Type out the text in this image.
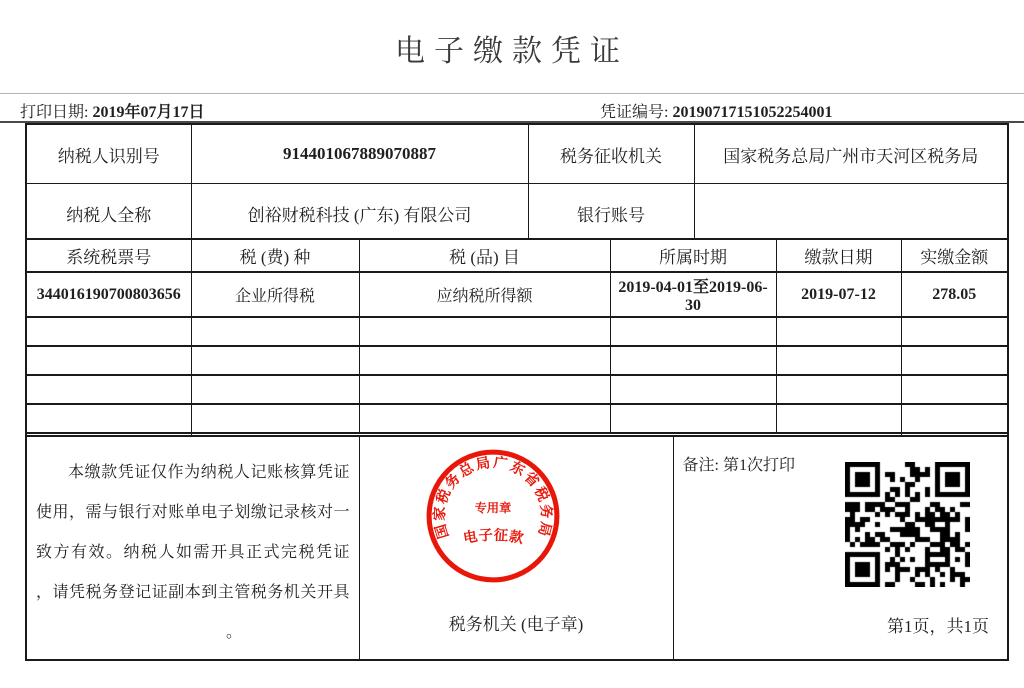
电子缴款凭证
打印日期: 2019年07月17日	凭证编号: 20190717151052254001
纳税人识别号	914401067889070887	税务征收机关	国家税务总局广州市天河区税务局
纳税人全称	创裕财税科技 (广东) 有限公司	银行账号	
系统税票号	税 (费) 种	税 (品) 目	所属时期	缴款日期	实缴金额
344016190700803656	企业所得税	应纳税所得额	2019-04-01至2019-06-30	2019-07-12	278.05

本缴款凭证仅作为纳税人记账核算凭证
使用，需与银行对账单电子划缴记录核对一
致方有效。纳税人如需开具正式完税凭证
，请凭税务登记证副本到主管税务机关开具
。	税务机关 (电子章)

备注: 第1次打印
第1页，共1页
国家税务总局广东省税务局
专用章
电子征款
